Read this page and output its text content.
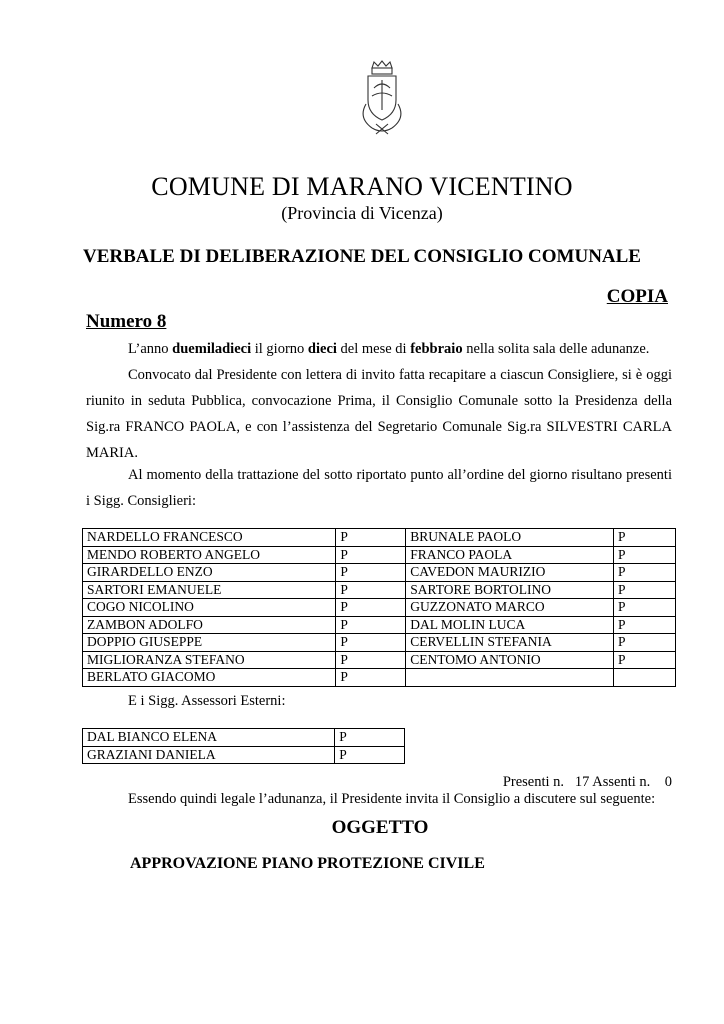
COMUNE DI MARANO VICENTINO
(Provincia di Vicenza)
VERBALE DI DELIBERAZIONE DEL CONSIGLIO COMUNALE
COPIA
Numero 8
L’anno duemiladieci il giorno dieci del mese di febbraio nella solita sala delle adunanze.
Convocato dal Presidente con lettera di invito fatta recapitare a ciascun Consigliere, si è oggi riunito in seduta Pubblica, convocazione Prima, il Consiglio Comunale sotto la Presidenza della Sig.ra FRANCO PAOLA, e con l’assistenza del Segretario Comunale Sig.ra SILVESTRI CARLA MARIA.
Al momento della trattazione del sotto riportato punto all’ordine del giorno risultano presenti i Sigg. Consiglieri:
NARDELLO FRANCESCO	P	BRUNALE PAOLO	P
MENDO ROBERTO ANGELO	P	FRANCO PAOLA	P
GIRARDELLO ENZO	P	CAVEDON MAURIZIO	P
SARTORI EMANUELE	P	SARTORE BORTOLINO	P
COGO NICOLINO	P	GUZZONATO MARCO	P
ZAMBON ADOLFO	P	DAL MOLIN LUCA	P
DOPPIO GIUSEPPE	P	CERVELLIN STEFANIA	P
MIGLIORANZA STEFANO	P	CENTOMO ANTONIO	P
BERLATO GIACOMO	P		
E i Sigg. Assessori Esterni:
DAL BIANCO ELENA	P
GRAZIANI DANIELA	P
Presenti n. 17 Assenti n. 0
Essendo quindi legale l’adunanza, il Presidente invita il Consiglio a discutere sul seguente:
OGGETTO
APPROVAZIONE PIANO PROTEZIONE CIVILE
